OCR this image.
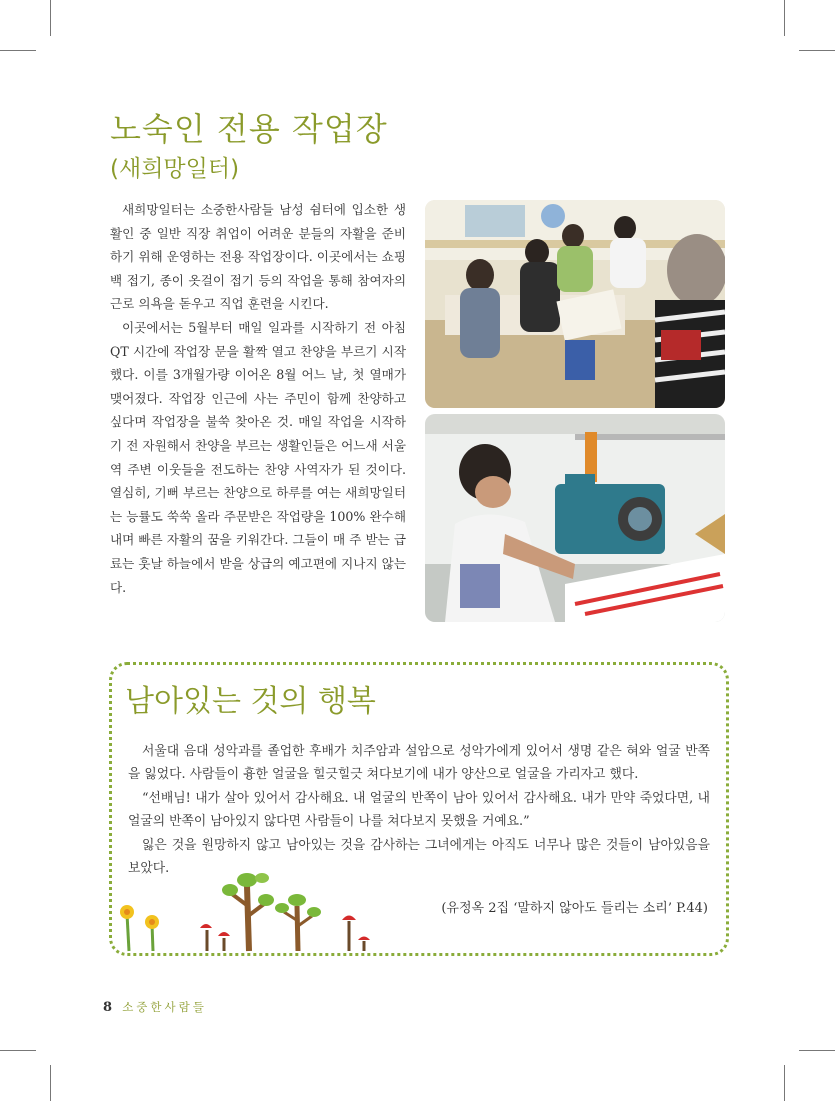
노숙인 전용 작업장
(새희망일터)

새희망일터는 소중한사람들 남성 쉼터에 입소한 생활인 중 일반 직장 취업이 어려운 분들의 자활을 준비하기 위해 운영하는 전용 작업장이다. 이곳에서는 쇼핑백 접기, 종이 옷걸이 접기 등의 작업을 통해 참여자의 근로 의욕을 돋우고 직업 훈련을 시킨다.

이곳에서는 5월부터 매일 일과를 시작하기 전 아침 QT 시간에 작업장 문을 활짝 열고 찬양을 부르기 시작했다. 이를 3개월가량 이어온 8월 어느 날, 첫 열매가 맺어졌다. 작업장 인근에 사는 주민이 함께 찬양하고 싶다며 작업장을 불쑥 찾아온 것. 매일 작업을 시작하기 전 자원해서 찬양을 부르는 생활인들은 어느새 서울역 주변 이웃들을 전도하는 찬양 사역자가 된 것이다. 열심히, 기뻐 부르는 찬양으로 하루를 여는 새희망일터는 능률도 쑥쑥 올라 주문받은 작업량을 100% 완수해내며 빠른 자활의 꿈을 키워간다. 그들이 매 주 받는 급료는 훗날 하늘에서 받을 상급의 예고편에 지나지 않는다.

남아있는 것의 행복

서울대 음대 성악과를 졸업한 후배가 치주암과 설암으로 성악가에게 있어서 생명 같은 혀와 얼굴 반쪽을 잃었다. 사람들이 흉한 얼굴을 힐긋힐긋 쳐다보기에 내가 양산으로 얼굴을 가리자고 했다.

“선배님! 내가 살아 있어서 감사해요. 내 얼굴의 반쪽이 남아 있어서 감사해요. 내가 만약 죽었다면, 내 얼굴의 반쪽이 남아있지 않다면 사람들이 나를 쳐다보지 못했을 거예요.”

잃은 것을 원망하지 않고 남아있는 것을 감사하는 그녀에게는 아직도 너무나 많은 것들이 남아있음을 보았다.

(유정옥 2집 ‘말하지 않아도 들리는 소리’ P.44)
8 소중한사람들
